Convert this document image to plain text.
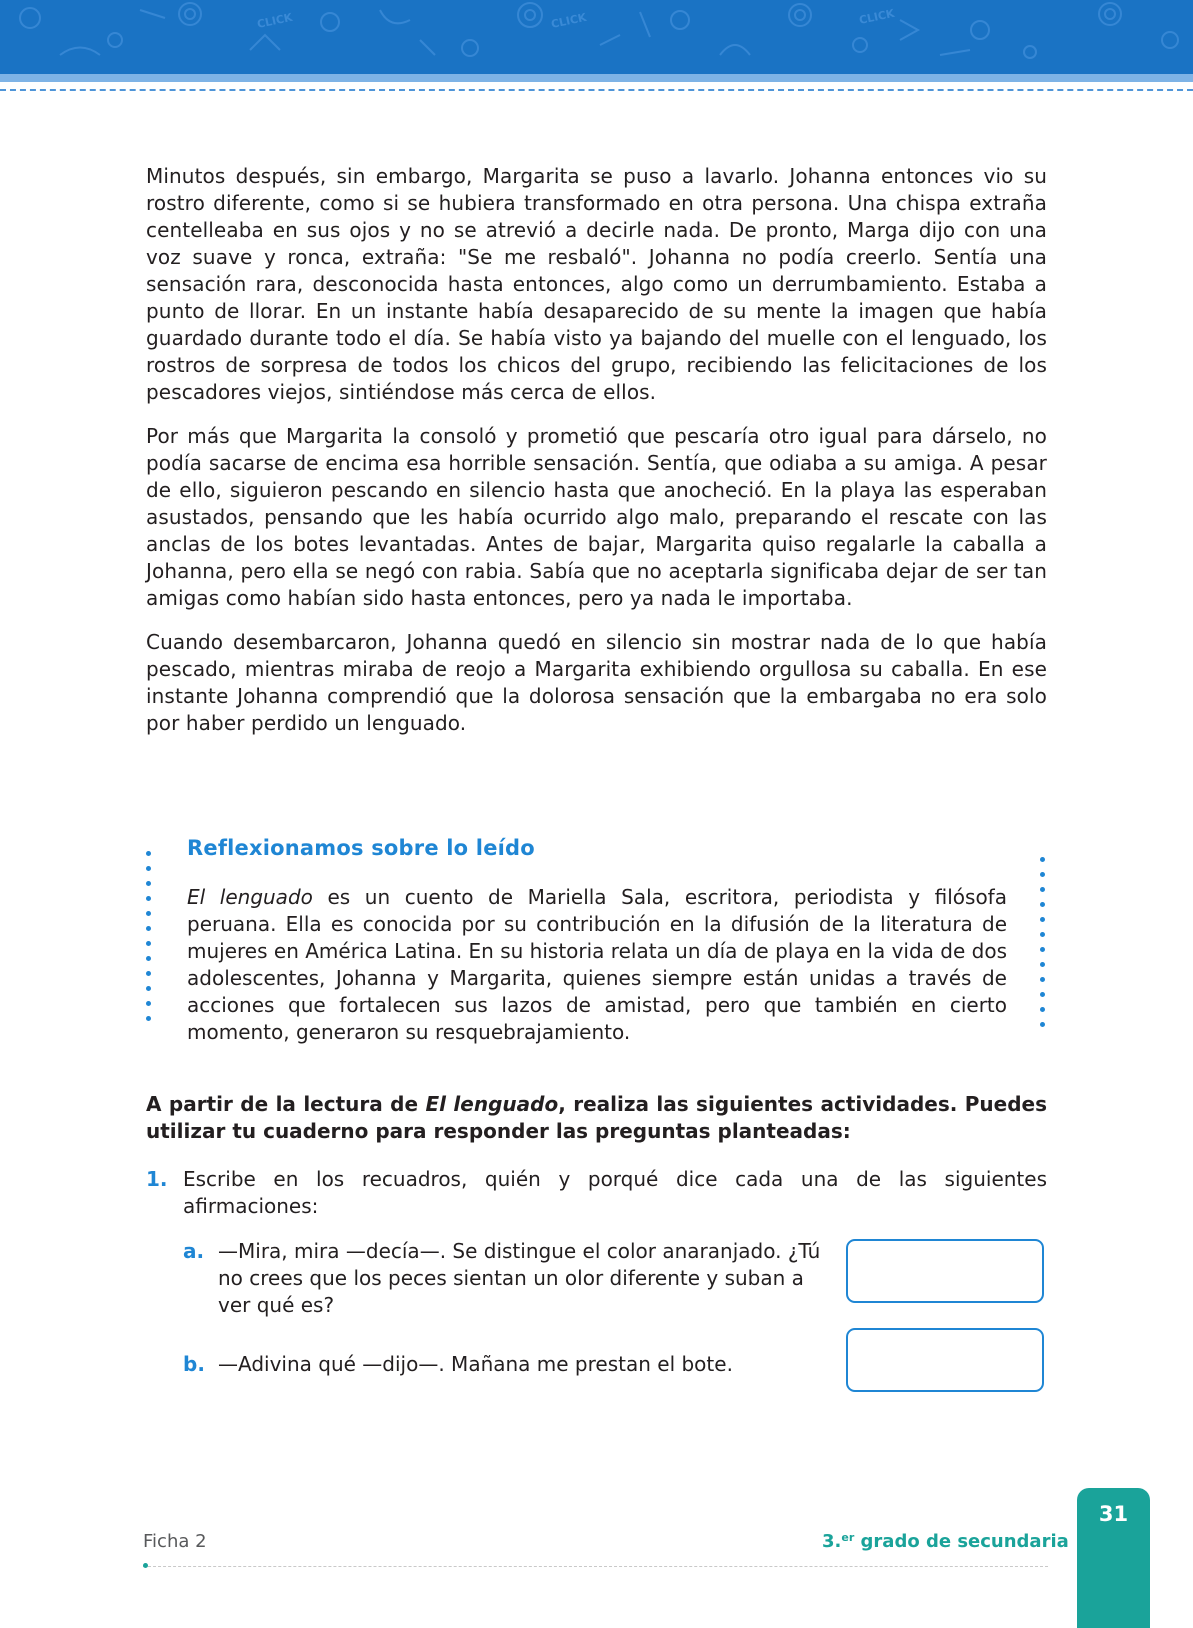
CLICK	CLICK	CLICK

Minutos después, sin embargo, Margarita se puso a lavarlo. Johanna entonces vio su rostro diferente, como si se hubiera transformado en otra persona. Una chispa extraña centelleaba en sus ojos y no se atrevió a decirle nada. De pronto, Marga dijo con una voz suave y ronca, extraña: "Se me resbaló". Johanna no podía creerlo. Sentía una sensación rara, desconocida hasta entonces, algo como un derrumbamiento. Estaba a punto de llorar. En un instante había desaparecido de su mente la imagen que había guardado durante todo el día. Se había visto ya bajando del muelle con el lenguado, los rostros de sorpresa de todos los chicos del grupo, recibiendo las felicitaciones de los pescadores viejos, sintiéndose más cerca de ellos.

Por más que Margarita la consoló y prometió que pescaría otro igual para dárselo, no podía sacarse de encima esa horrible sensación. Sentía, que odiaba a su amiga. A pesar de ello, siguieron pescando en silencio hasta que anocheció. En la playa las esperaban asustados, pensando que les había ocurrido algo malo, preparando el rescate con las anclas de los botes levantadas. Antes de bajar, Margarita quiso regalarle la caballa a Johanna, pero ella se negó con rabia. Sabía que no aceptarla significaba dejar de ser tan amigas como habían sido hasta entonces, pero ya nada le importaba.

Cuando desembarcaron, Johanna quedó en silencio sin mostrar nada de lo que había pescado, mientras miraba de reojo a Margarita exhibiendo orgullosa su caballa. En ese instante Johanna comprendió que la dolorosa sensación que la embargaba no era solo por haber perdido un lenguado.

Reflexionamos sobre lo leído

El lenguado es un cuento de Mariella Sala, escritora, periodista y filósofa peruana. Ella es conocida por su contribución en la difusión de la literatura de mujeres en América Latina. En su historia relata un día de playa en la vida de dos adolescentes, Johanna y Margarita, quienes siempre están unidas a través de acciones que fortalecen sus lazos de amistad, pero que también en cierto momento, generaron su resquebrajamiento.

A partir de la lectura de El lenguado, realiza las siguientes actividades. Puedes utilizar tu cuaderno para responder las preguntas planteadas:

1. Escribe en los recuadros, quién y porqué dice cada una de las siguientes afirmaciones:

a. —Mira, mira —decía—. Se distingue el color anaranjado. ¿Tú no crees que los peces sientan un olor diferente y suban a ver qué es?

b. —Adivina qué —dijo—. Mañana me prestan el bote.

Ficha 2	3.$^{er}$ grado de secundaria
31
